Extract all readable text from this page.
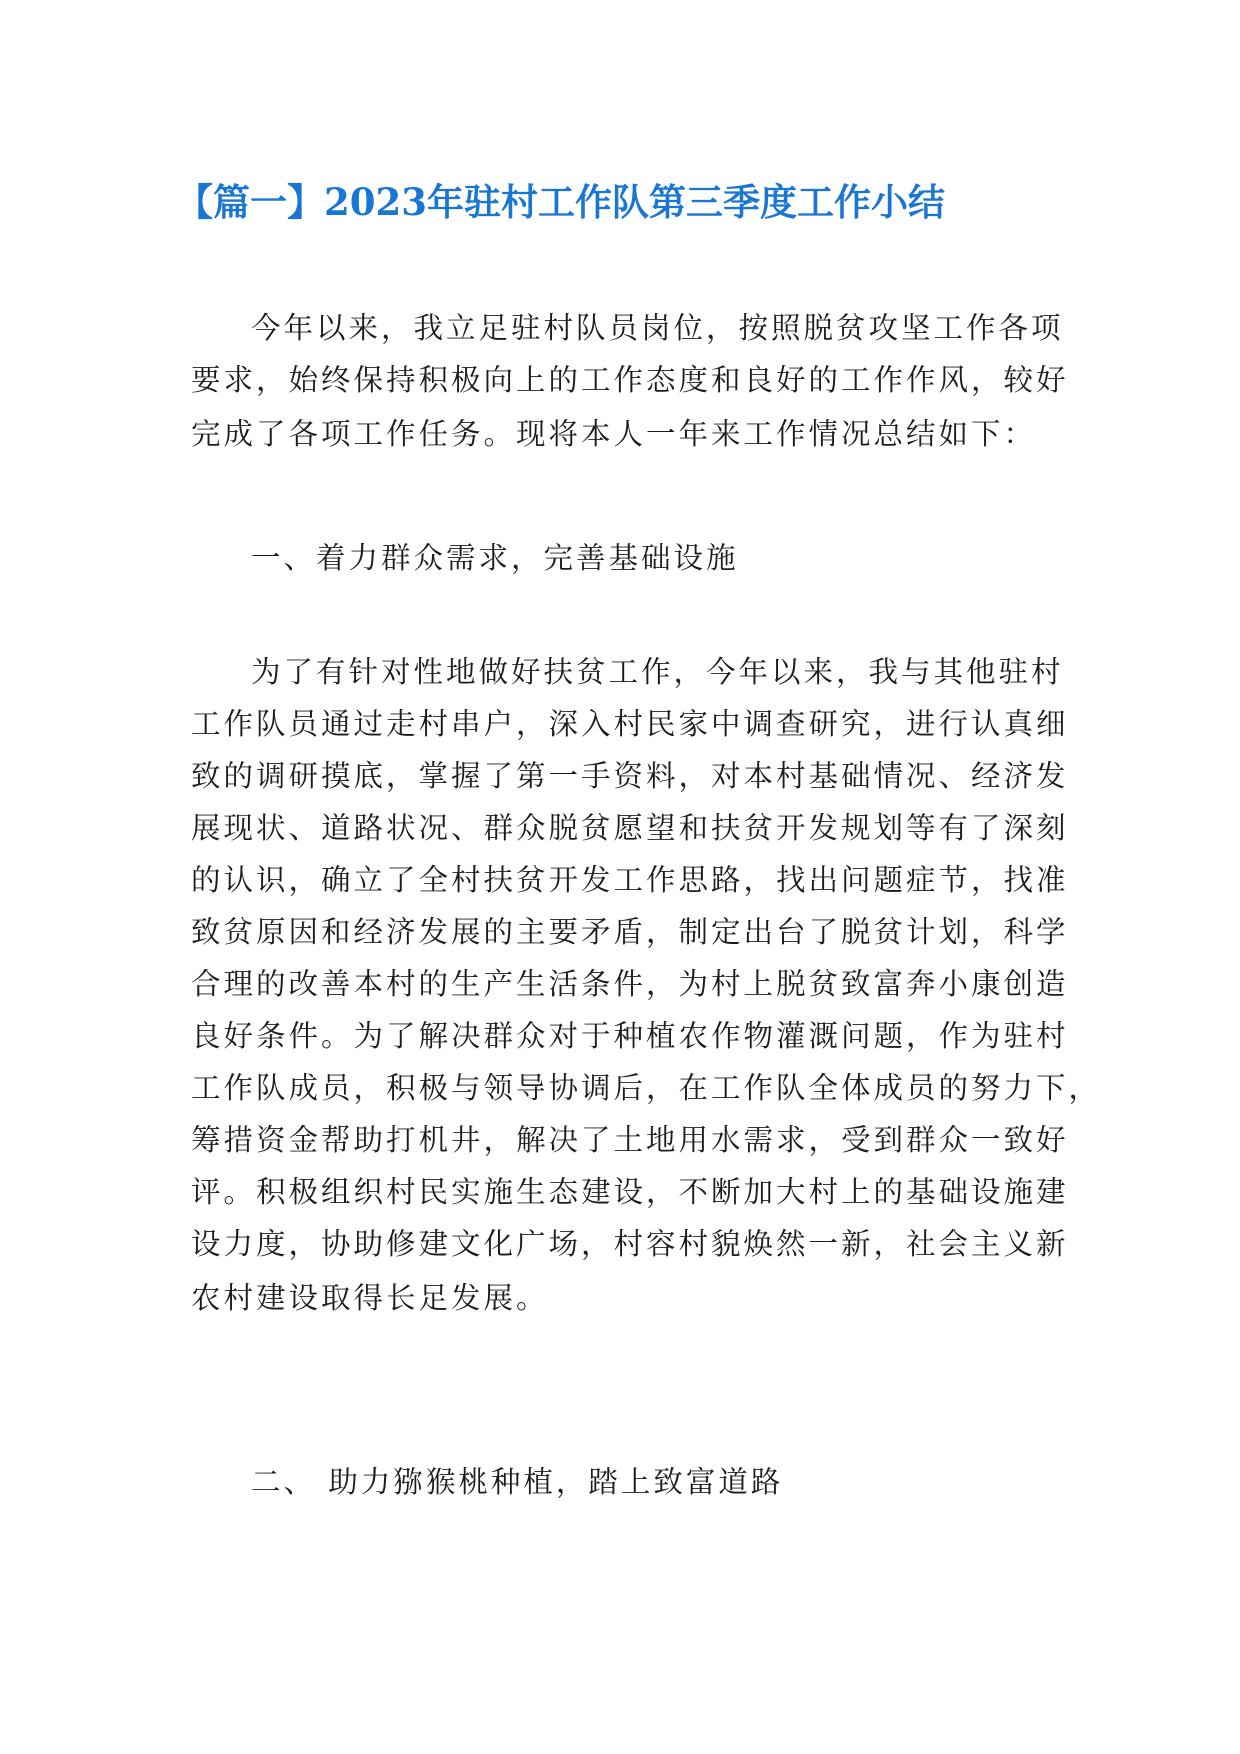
【篇一】2023年驻村工作队第三季度工作小结
今年以来，我立足驻村队员岗位，按照脱贫攻坚工作各项
要求，始终保持积极向上的工作态度和良好的工作作风，较好
完成了各项工作任务。现将本人一年来工作情况总结如下：
一、着力群众需求，完善基础设施
为了有针对性地做好扶贫工作，今年以来，我与其他驻村
工作队员通过走村串户，深入村民家中调查研究，进行认真细
致的调研摸底，掌握了第一手资料，对本村基础情况、经济发
展现状、道路状况、群众脱贫愿望和扶贫开发规划等有了深刻
的认识，确立了全村扶贫开发工作思路，找出问题症节，找准
致贫原因和经济发展的主要矛盾，制定出台了脱贫计划，科学
合理的改善本村的生产生活条件，为村上脱贫致富奔小康创造
良好条件。为了解决群众对于种植农作物灌溉问题，作为驻村
工作队成员，积极与领导协调后，在工作队全体成员的努力下，
筹措资金帮助打机井，解决了土地用水需求，受到群众一致好
评。积极组织村民实施生态建设，不断加大村上的基础设施建
设力度，协助修建文化广场，村容村貌焕然一新，社会主义新
农村建设取得长足发展。
二、 助力猕猴桃种植，踏上致富道路
